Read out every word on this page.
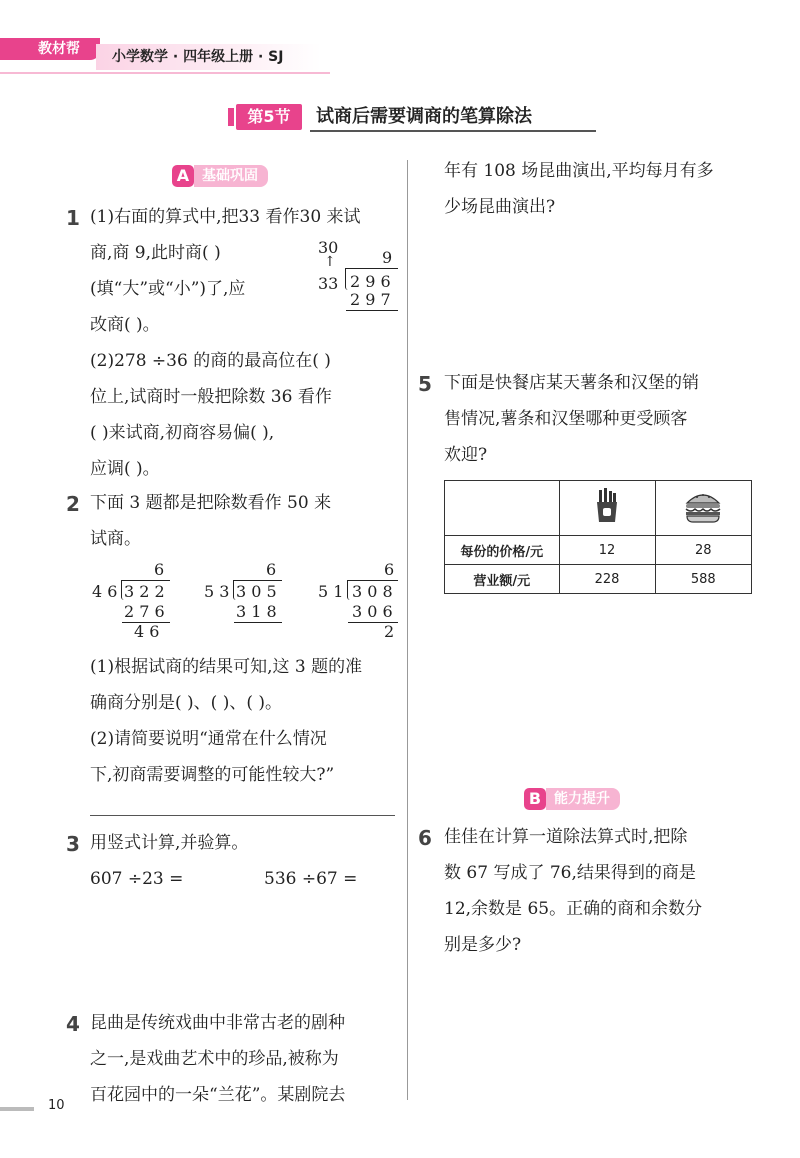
教材帮	小学数学 · 四年级上册 · SJ
第5节	试商后需要调商的笔算除法
A 基础巩固
1 (1)右面的算式中,把33 看作30 来试
商,商 9,此时商( )
(填“大”或“小”)了,应
改商( )。
(2)278 ÷36 的商的最高位在( )
位上,试商时一般把除数 36 看作
( )来试商,初商容易偏( ),
应调( )。
30
↑	9
33 2 9 6
2 9 7
2 下面 3 题都是把除数看作 50 来
试商。
6
4 6 3 2 2
2 7 6
4 6
6
5 3 3 0 5
3 1 8
6
5 1 3 0 8
3 0 6
2
(1)根据试商的结果可知,这 3 题的准
确商分别是( )、( )、( )。
(2)请简要说明“通常在什么情况
下,初商需要调整的可能性较大?”
3 用竖式计算,并验算。
607 ÷23 =	536 ÷67 =
4 昆曲是传统戏曲中非常古老的剧种
之一,是戏曲艺术中的珍品,被称为
百花园中的一朵“兰花”。某剧院去
年有 108 场昆曲演出,平均每月有多
少场昆曲演出?
5 下面是快餐店某天薯条和汉堡的销
售情况,薯条和汉堡哪种更受顾客
欢迎?

每份的价格/元	12	28
营业额/元	228	588
B 能力提升
6 佳佳在计算一道除法算式时,把除
数 67 写成了 76,结果得到的商是
12,余数是 65。正确的商和余数分
别是多少?
10
